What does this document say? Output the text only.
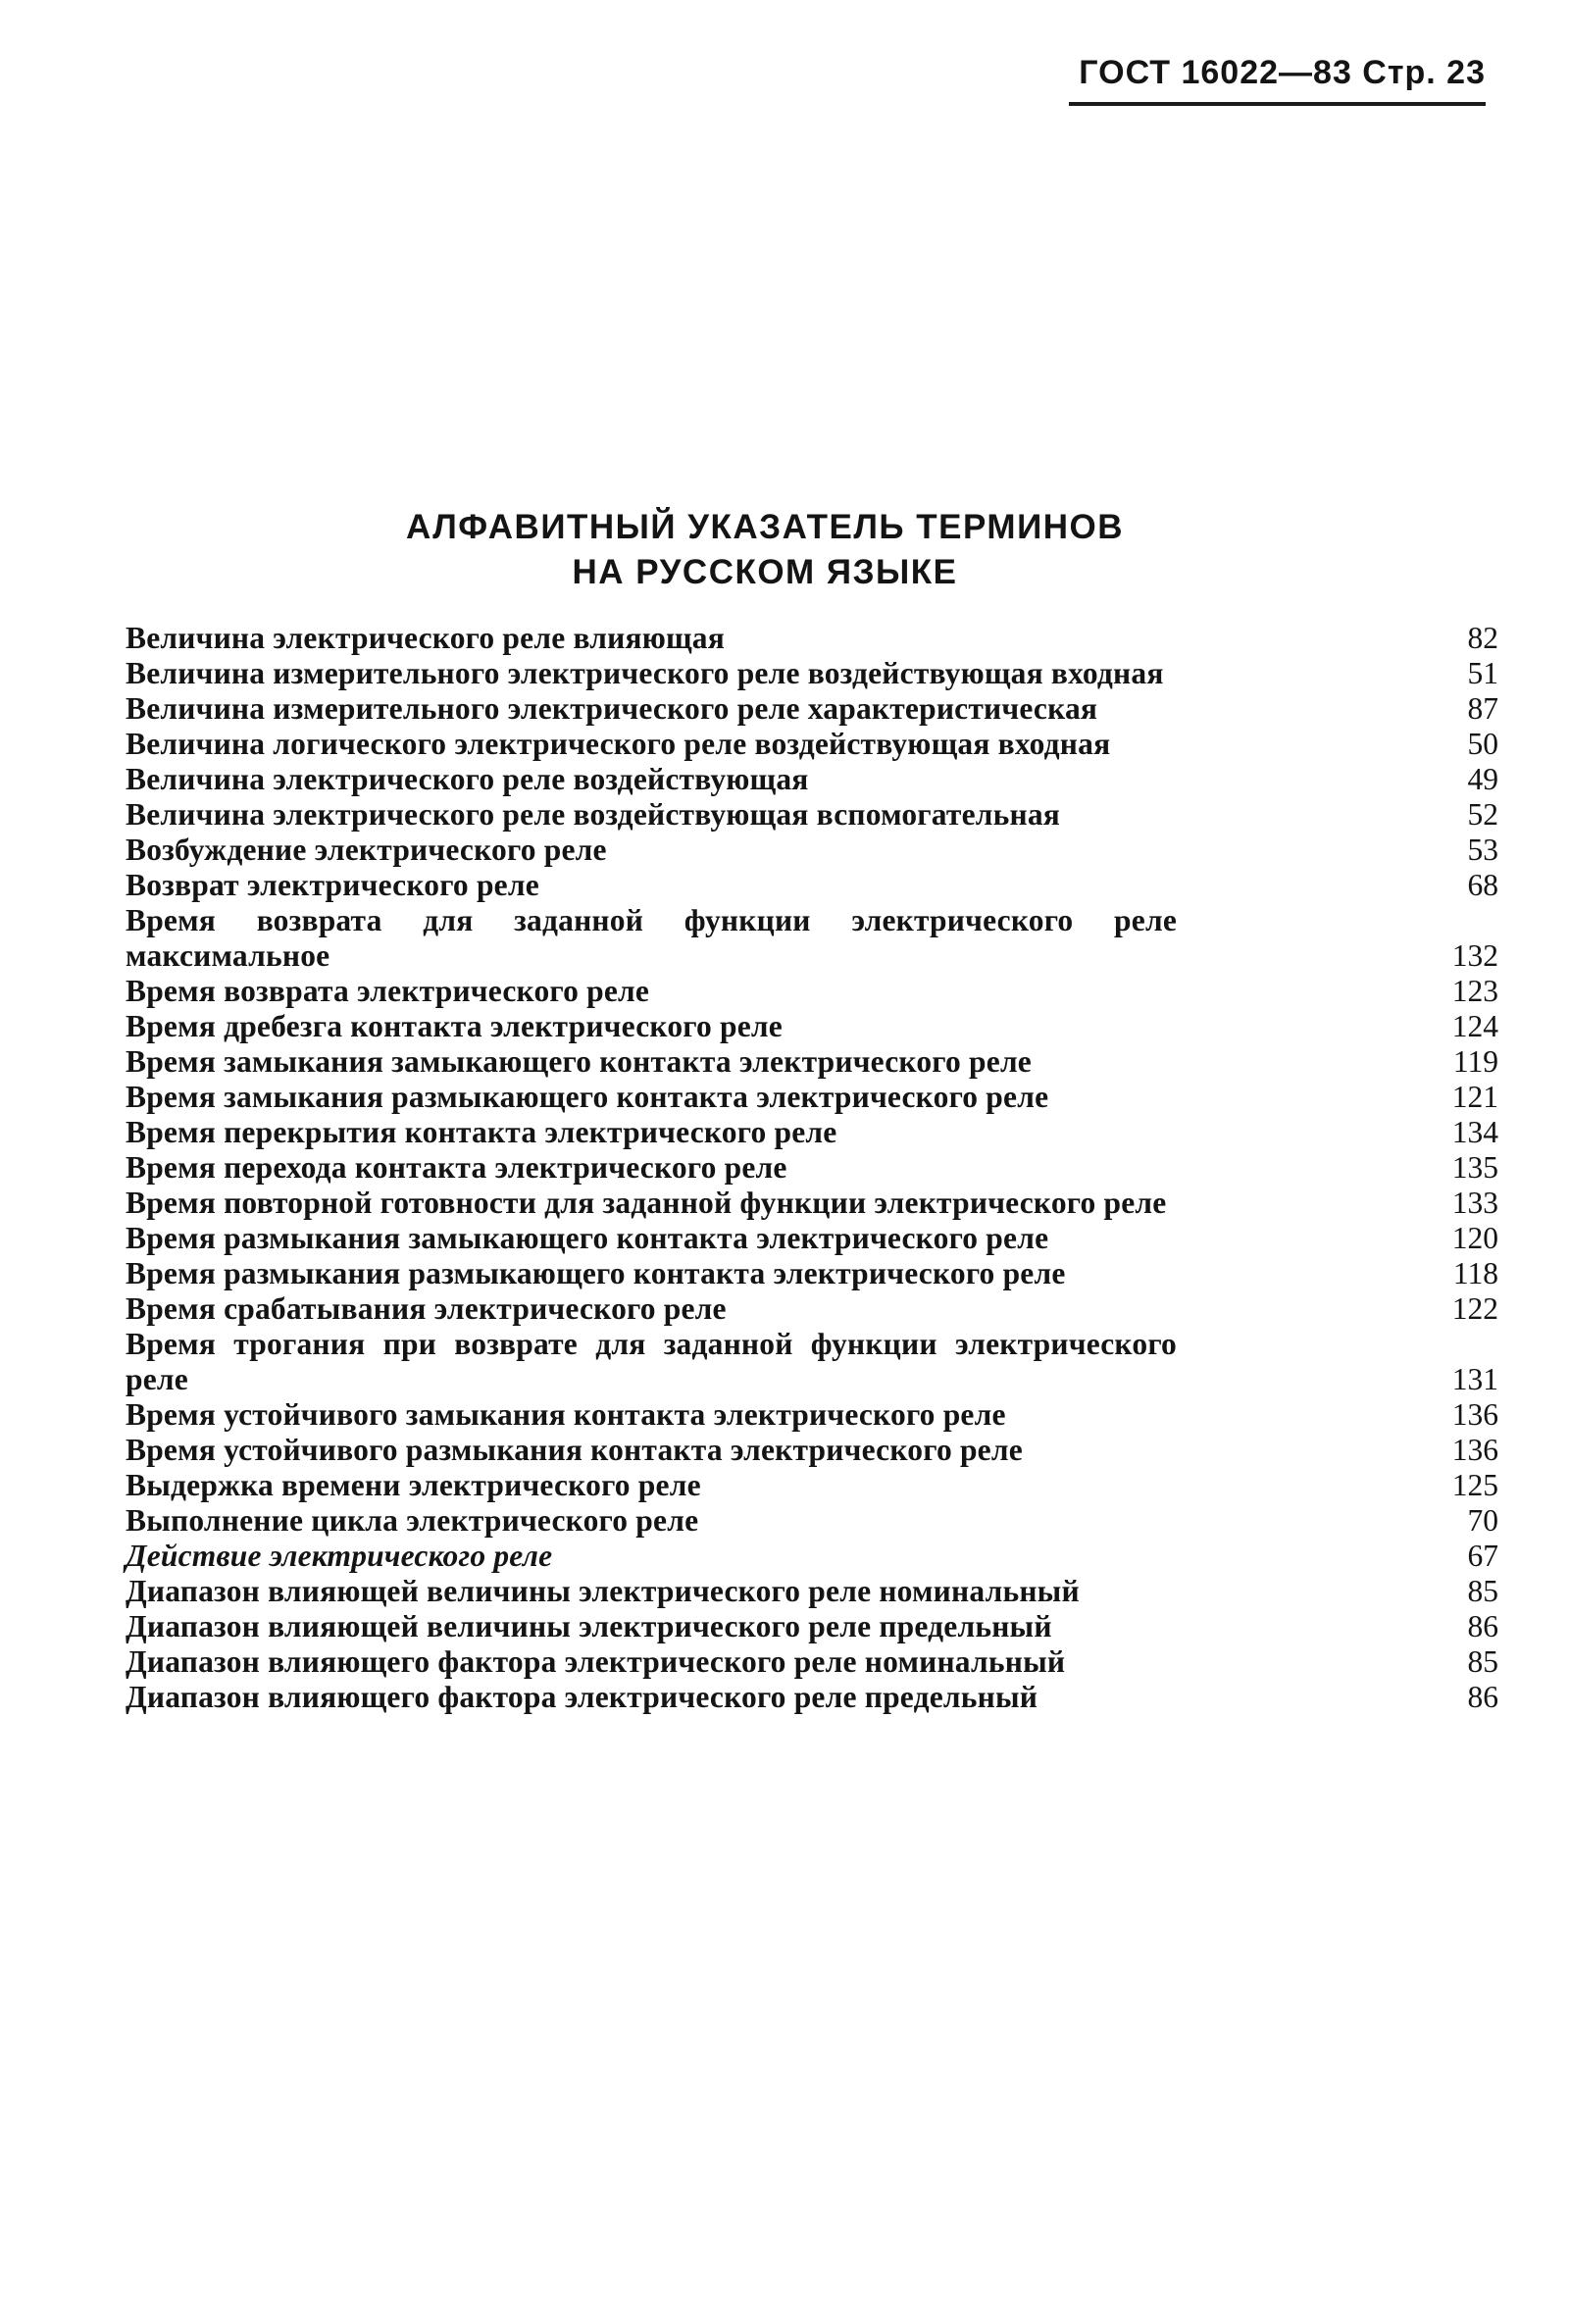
ГОСТ 16022—83 Стр. 23
АЛФАВИТНЫЙ УКАЗАТЕЛЬ ТЕРМИНОВ
НА РУССКОМ ЯЗЫКЕ
Величина электрического реле влияющая	82
Величина измерительного электрического реле воздействующая входная	51
Величина измерительного электрического реле характеристическая	87
Величина логического электрического реле воздействующая входная	50
Величина электрического реле воздействующая	49
Величина электрического реле воздействующая вспомогательная	52
Возбуждение электрического реле	53
Возврат электрического реле	68
Время возврата для заданной функции электрического реле максимальное	132
Время возврата электрического реле	123
Время дребезга контакта электрического реле	124
Время замыкания замыкающего контакта электрического реле	119
Время замыкания размыкающего контакта электрического реле	121
Время перекрытия контакта электрического реле	134
Время перехода контакта электрического реле	135
Время повторной готовности для заданной функции электрического реле	133
Время размыкания замыкающего контакта электрического реле	120
Время размыкания размыкающего контакта электрического реле	118
Время срабатывания электрического реле	122
Время трогания при возврате для заданной функции электрического реле	131
Время устойчивого замыкания контакта электрического реле	136
Время устойчивого размыкания контакта электрического реле	136
Выдержка времени электрического реле	125
Выполнение цикла электрического реле	70
Действие электрического реле	67
Диапазон влияющей величины электрического реле номинальный	85
Диапазон влияющей величины электрического реле предельный	86
Диапазон влияющего фактора электрического реле номинальный	85
Диапазон влияющего фактора электрического реле предельный	86
